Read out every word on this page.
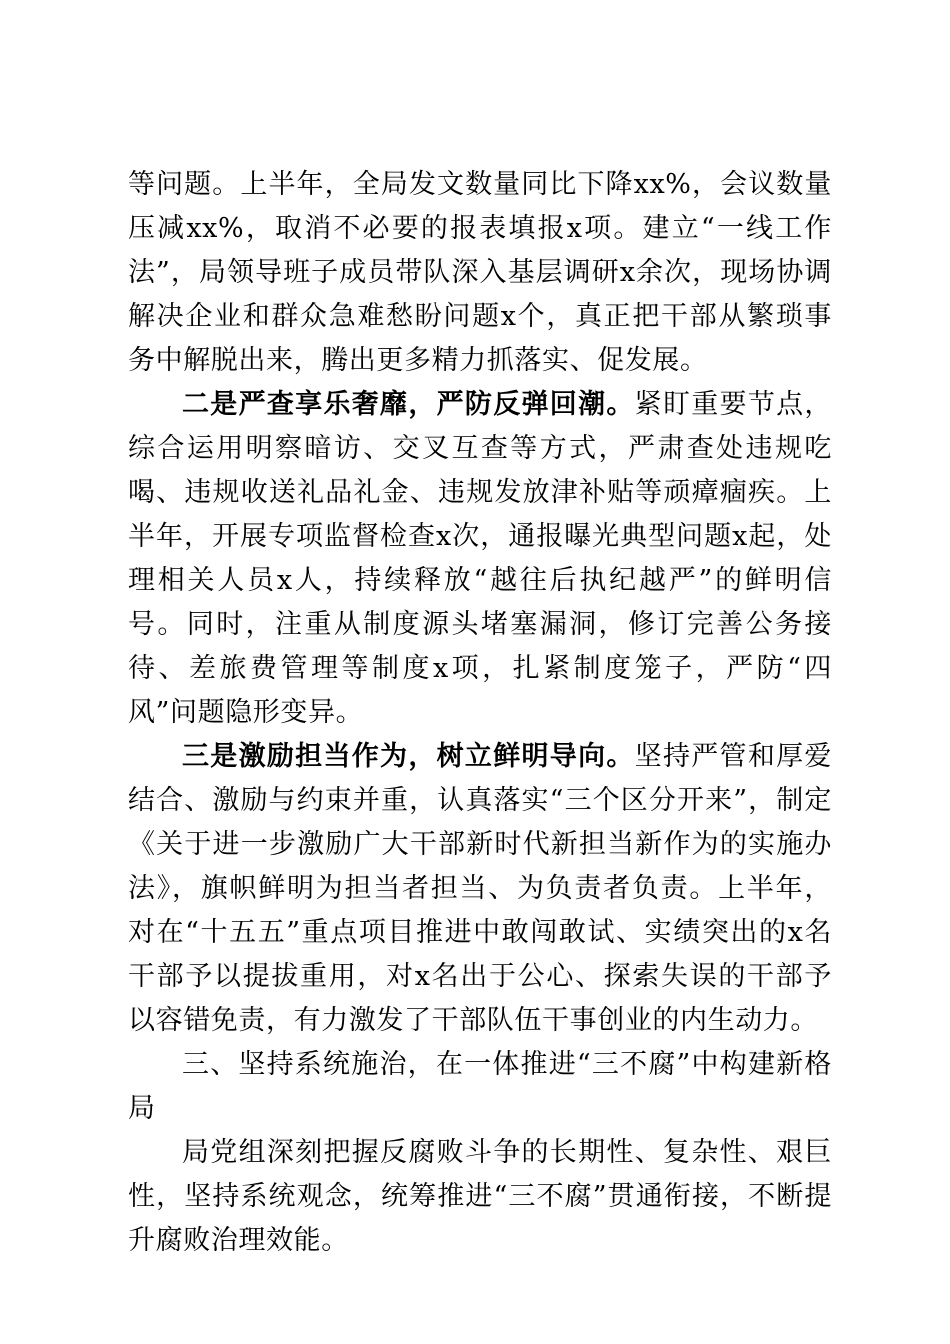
等问题。上半年，全局发文数量同比下降xx%，会议数量压减xx%，取消不必要的报表填报x项。建立“一线工作法”，局领导班子成员带队深入基层调研x余次，现场协调解决企业和群众急难愁盼问题x个，真正把干部从繁琐事务中解脱出来，腾出更多精力抓落实、促发展。

二是严查享乐奢靡，严防反弹回潮。紧盯重要节点，综合运用明察暗访、交叉互查等方式，严肃查处违规吃喝、违规收送礼品礼金、违规发放津补贴等顽瘴痼疾。上半年，开展专项监督检查x次，通报曝光典型问题x起，处理相关人员x人，持续释放“越往后执纪越严”的鲜明信号。同时，注重从制度源头堵塞漏洞，修订完善公务接待、差旅费管理等制度x项，扎紧制度笼子，严防“四风”问题隐形变异。

三是激励担当作为，树立鲜明导向。坚持严管和厚爱结合、激励与约束并重，认真落实“三个区分开来”，制定《关于进一步激励广大干部新时代新担当新作为的实施办法》，旗帜鲜明为担当者担当、为负责者负责。上半年，对在“十五五”重点项目推进中敢闯敢试、实绩突出的x名干部予以提拔重用，对x名出于公心、探索失误的干部予以容错免责，有力激发了干部队伍干事创业的内生动力。

三、坚持系统施治，在一体推进“三不腐”中构建新格局

局党组深刻把握反腐败斗争的长期性、复杂性、艰巨性，坚持系统观念，统筹推进“三不腐”贯通衔接，不断提升腐败治理效能。
